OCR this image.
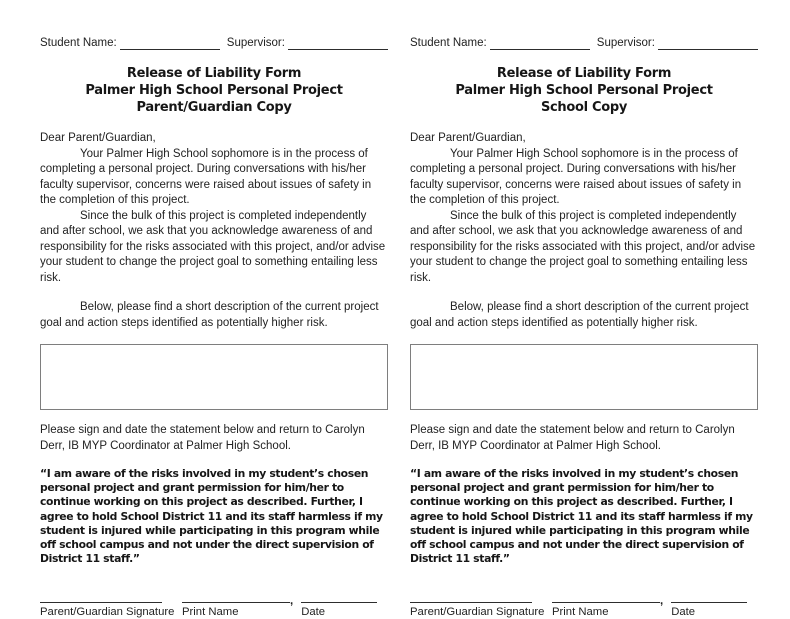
Student Name:	Supervisor:
Release of Liability Form
Palmer High School Personal Project
Parent/Guardian Copy

Dear Parent/Guardian,

Your Palmer High School sophomore is in the process of completing a personal project. During conversations with his/her faculty supervisor, concerns were raised about issues of safety in the completion of this project.

Since the bulk of this project is completed independently and after school, we ask that you acknowledge awareness of and responsibility for the risks associated with this project, and/or advise your student to change the project goal to something entailing less risk.

Below, please find a short description of the current project goal and action steps identified as potentially higher risk.

Please sign and date the statement below and return to Carolyn Derr, IB MYP Coordinator at Palmer High School.

“I am aware of the risks involved in my student’s chosen personal project and grant permission for him/her to continue working on this project as described. Further, I agree to hold School District 11 and its staff harmless if my student is injured while participating in this program while off school campus and not under the direct supervision of District 11 staff.”

Parent/Guardian Signature Print Name
,
Date
Student Name:	Supervisor:
Release of Liability Form
Palmer High School Personal Project
School Copy

Dear Parent/Guardian,

Your Palmer High School sophomore is in the process of completing a personal project. During conversations with his/her faculty supervisor, concerns were raised about issues of safety in the completion of this project.

Since the bulk of this project is completed independently and after school, we ask that you acknowledge awareness of and responsibility for the risks associated with this project, and/or advise your student to change the project goal to something entailing less risk.

Below, please find a short description of the current project goal and action steps identified as potentially higher risk.

Please sign and date the statement below and return to Carolyn Derr, IB MYP Coordinator at Palmer High School.

“I am aware of the risks involved in my student’s chosen personal project and grant permission for him/her to continue working on this project as described. Further, I agree to hold School District 11 and its staff harmless if my student is injured while participating in this program while off school campus and not under the direct supervision of District 11 staff.”

Parent/Guardian Signature Print Name
,
Date
